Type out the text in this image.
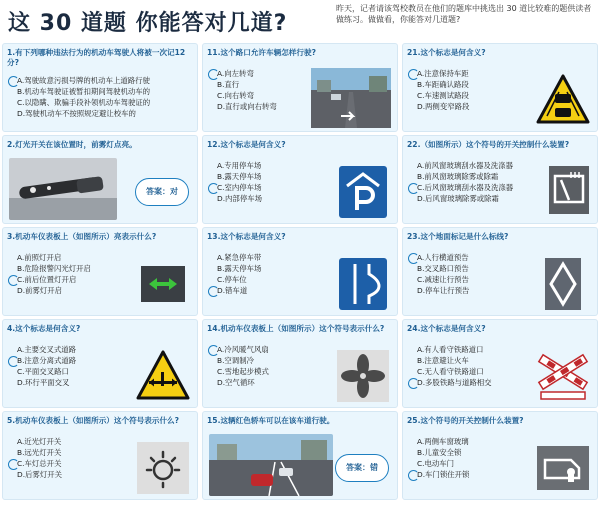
这 30 道题 你能答对几道?
昨天，记者请该驾校教员在他们的题库中挑选出 30 道比较难的题供读者做练习。做做看，你能答对几道题?
1.有下列哪种违法行为的机动车驾驶人将被一次记12分?
A.驾驶故意污损号牌的机动车上道路行驶
B.机动车驾驶证被暂扣期间驾驶机动车的
C.以隐瞒、欺骗手段补领机动车驾驶证的
D.驾驶机动车不按照规定避让校车的
2.灯光开关在该位置时，前雾灯点亮。
答案：对
3.机动车仪表板上（如图所示）亮表示什么?
A.前照灯开启
B.危险报警闪光灯开启
C.前后位置灯开启
D.前雾灯开启
4.这个标志是何含义?
A.主要交叉式道路
B.注意分离式道路
C.平面交叉路口
D.环行平面交叉
5.机动车仪表板上（如图所示）这个符号表示什么?
A.近光灯开关
B.远光灯开关
C.车灯总开关
D.后雾灯开关
11.这个路口允许车辆怎样行驶?
A.向左转弯
B.直行
C.向右转弯
D.直行或向右转弯
12.这个标志是何含义?
A.专用停车场
B.露天停车场
C.室内停车场
D.内部停车场
13.这个标志是何含义?
A.紧急停车带
B.露天停车场
C.停车位
D.错车道
14.机动车仪表板上（如图所示）这个符号表示什么?
A.冷风暖气风扇
B.空调制冷
C.雪地起步模式
D.空气循环
15.这辆红色轿车可以在该车道行驶。
答案：错
21.这个标志是何含义?
A.注意保持车距
B.车距确认路段
C.车速测试路段
D.两侧变窄路段
22.（如图所示）这个符号的开关控制什么装置?
A.前风窗玻璃刮水器及洗涤器
B.前风窗玻璃除雾或除霜
C.后风窗玻璃刮水器及洗涤器
D.后风窗玻璃除雾或除霜
23.这个地面标记是什么标线?
A.人行横道预告
B.交叉路口预告
C.减速让行预告
D.停车让行预告
24.这个标志是何含义?
A.有人看守铁路道口
B.注意避让火车
C.无人看守铁路道口
D.多股铁路与道路相交
25.这个符号的开关控制什么装置?
A.两侧车窗玻璃
B.儿童安全锁
C.电动车门
D.车门锁住开锁
